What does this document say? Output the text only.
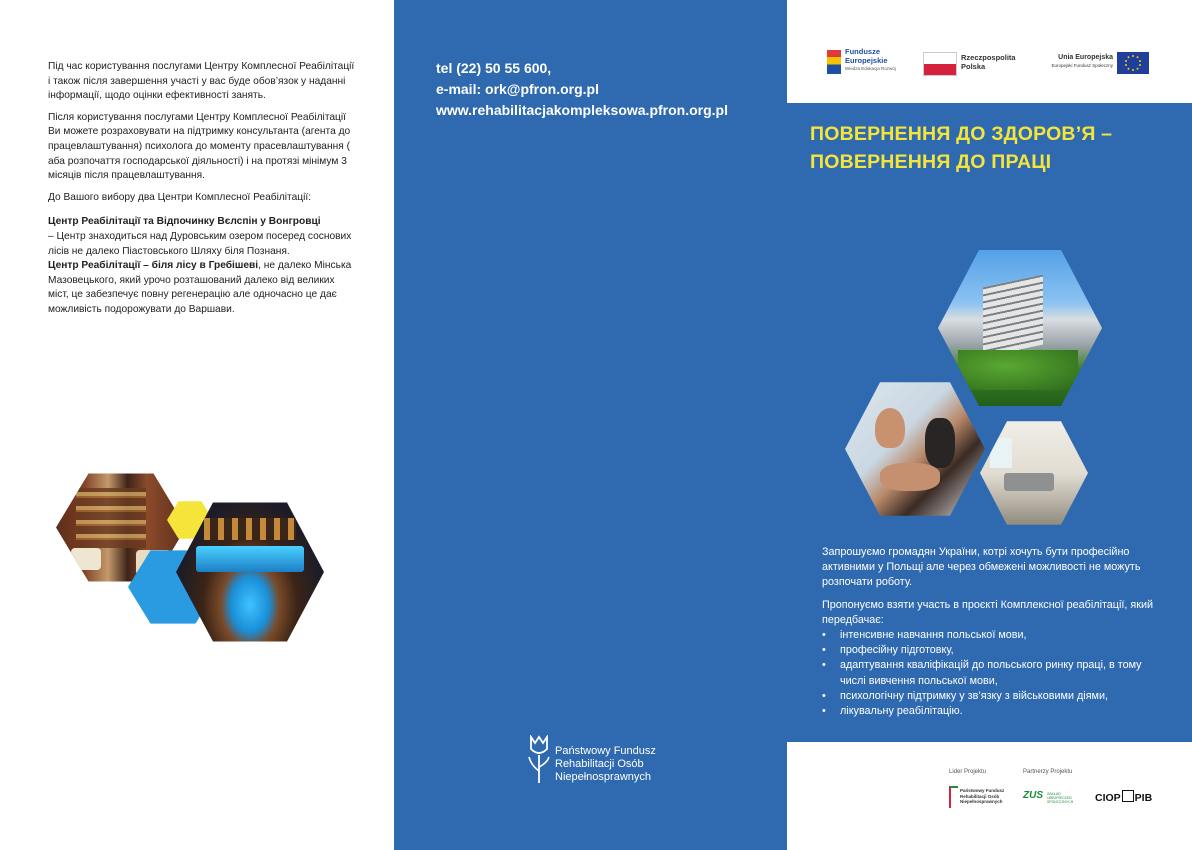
Під час користування послугами Центру Комплесної Реабілітації і також після завершення участі у вас буде обов’язок у наданні інформації, щодо оцінки ефективності занять.

Після користування послугами Центру Комплесної Реабілітації Ви можете розраховувати на підтримку консультанта (агента до працевлаштування) психолога до моменту прасевлаштування ( аба розпочаття господарської діяльності) і на протязі мінімум 3 місяців після працевлаштування.

До Вашого вибору два Центри Комплесної Реабілітації:

Центр Реабілітації та Відпочинку Вєлспін у Вонгровці
– Центр знаходиться над Дуровським озером посеред соснових лісів не далеко Піастовського Шляху біля Познаня.

Центр Реабілітації – біля лісу в Гребішеві, не далеко Мінська Мазовецького, який урочо розташований далеко від великих міст, це забезпечує повну регенерацію але одночасно це дає можливість подорожувати до Варшави.

tel (22) 50 55 600,
e-mail: ork@pfron.org.pl
www.rehabilitacjakompleksowa.pfron.org.pl
Państwowy Fundusz
Rehabilitacji Osób
Niepełnosprawnych
Fundusze
Europejskie
Wiedza Edukacja Rozwój
Rzeczpospolita
Polska
Unia Europejska
Europejski Fundusz Społeczny
ПОВЕРНЕННЯ ДО ЗДОРОВ’Я –
ПОВЕРНЕННЯ ДО ПРАЦІ

Запрошуємо громадян України, котрі хочуть бути професійно активними у Польщі але через обмежені можливості не можуть розпочати роботу.

Пропонуємо взяти участь в проєкті Комплексної реабілітації, який передбачає:

• інтенсивне навчання польської мови,
• професійну підготовку,
• адаптування кваліфікацій до польського ринку праці, в тому числі вивчення польської мови,
• психологічну підтримку у зв’язку з військовими діями,
• лікувальну реабілітацію.
Lider Projektu	Partnerzy Projektu
Państwowy Fundusz
Rehabilitacji Osób
Niepełnosprawnych
ZUS ZAKŁAD UBEZPIECZEŃ SPOŁECZNYCH	CIOP PIB
